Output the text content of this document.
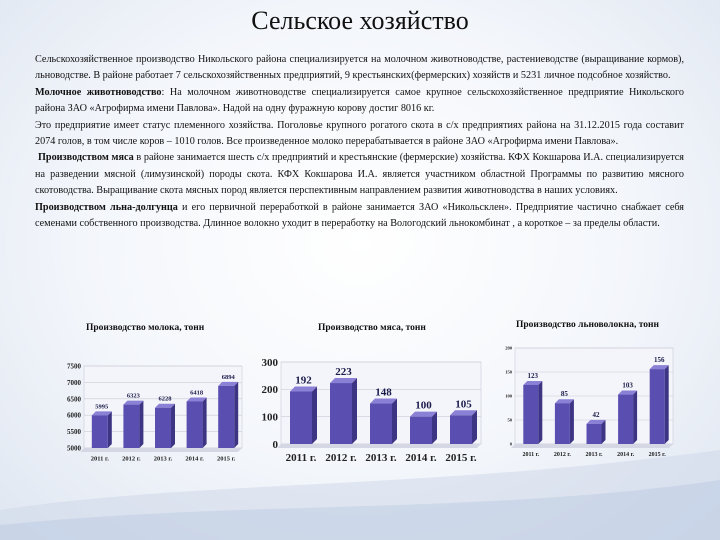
Сельское хозяйство

Сельскохозяйственное производство Никольского района специализируется на молочном животноводстве, растениеводстве (выращивание кормов), льноводстве. В районе работает 7 сельскохозяйственных предприятий, 9 крестьянских(фермерских) хозяйств и 5231 личное подсобное хозяйство.

Молочное животноводство: На молочном животноводстве специализируется самое крупное сельскохозяйственное предприятие Никольского района ЗАО «Агрофирма имени Павлова». Надой на одну фуражную корову достиг 8016 кг.

Это предприятие имеет статус племенного хозяйства. Поголовье крупного рогатого скота в с/х предприятиях района на 31.12.2015 года составит 2074 голов, в том числе коров – 1010 голов. Все произведенное молоко перерабатывается в районе ЗАО «Агрофирма имени Павлова».

Производством мяса в районе занимается шесть с/х предприятий и крестьянские (фермерские) хозяйства. КФХ Кокшарова И.А. специализируется на разведении мясной (лимузинской) породы скота. КФХ Кокшарова И.А. является участником областной Программы по развитию мясного скотоводства. Выращивание скота мясных пород является перспективным направлением развития животноводства в наших условиях.

Производством льна-долгунца и его первичной переработкой в районе занимается ЗАО «Никольсклен». Предприятие частично снабжает себя семенами собственного производства. Длинное волокно уходит в переработку на Вологодский льнокомбинат , а короткое – за пределы области.

Производство молока, тонн	Производство мяса, тонн	Производство льноволокна, тонн
5000
5500
6000
6500
7000
7500
5995
2011 г.
6323
2012 г.
6228
2013 г.
6418
2014 г.
6894
2015 г.
0
100
200
300
192
2011 г.
223
2012 г.
148
2013 г.
100
2014 г.
105
2015 г.
0
50
100
150
200
123
2011 г.
85
2012 г.
42
2013 г.
103
2014 г.
156
2015 г.
